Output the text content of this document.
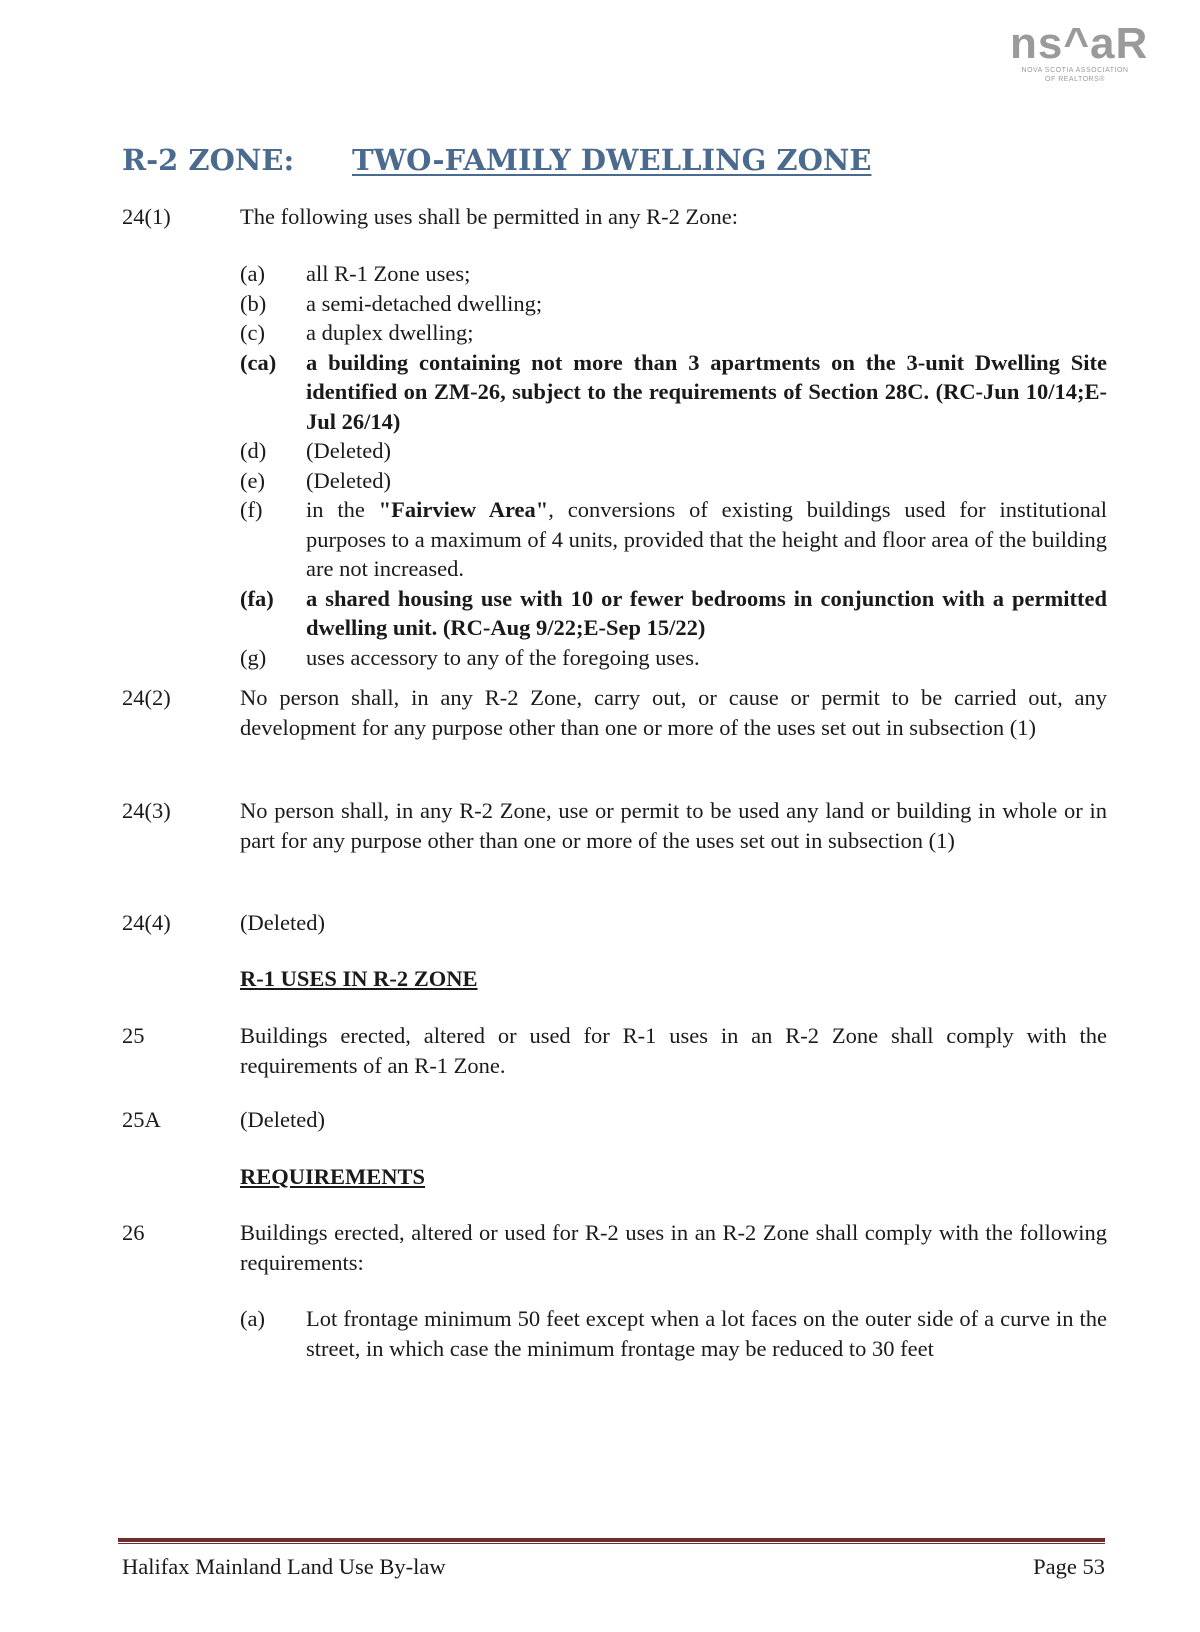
ns^aR
NOVA SCOTIA ASSOCIATION
OF REALTORS®
R-2 ZONE: TWO-FAMILY DWELLING ZONE
24(1)	The following uses shall be permitted in any R-2 Zone:
(a) all R-1 Zone uses;
(b) a semi-detached dwelling;
(c) a duplex dwelling;
(ca) a building containing not more than 3 apartments on the 3-unit Dwelling Site identified on ZM-26, subject to the requirements of Section 28C. (RC-Jun 10/14;E-Jul 26/14)
(d) (Deleted)
(e) (Deleted)
(f) in the "Fairview Area", conversions of existing buildings used for institutional purposes to a maximum of 4 units, provided that the height and floor area of the building are not increased.
(fa) a shared housing use with 10 or fewer bedrooms in conjunction with a permitted dwelling unit. (RC-Aug 9/22;E-Sep 15/22)
(g) uses accessory to any of the foregoing uses.
24(2)	No person shall, in any R-2 Zone, carry out, or cause or permit to be carried out, any development for any purpose other than one or more of the uses set out in subsection (1)
24(3)	No person shall, in any R-2 Zone, use or permit to be used any land or building in whole or in part for any purpose other than one or more of the uses set out in subsection (1)
24(4)	(Deleted)
R-1 USES IN R-2 ZONE
25	Buildings erected, altered or used for R-1 uses in an R-2 Zone shall comply with the requirements of an R-1 Zone.
25A	(Deleted)
REQUIREMENTS
26	Buildings erected, altered or used for R-2 uses in an R-2 Zone shall comply with the following requirements:
(a) Lot frontage minimum 50 feet except when a lot faces on the outer side of a curve in the street, in which case the minimum frontage may be reduced to 30 feet
Halifax Mainland Land Use By-law	Page 53
